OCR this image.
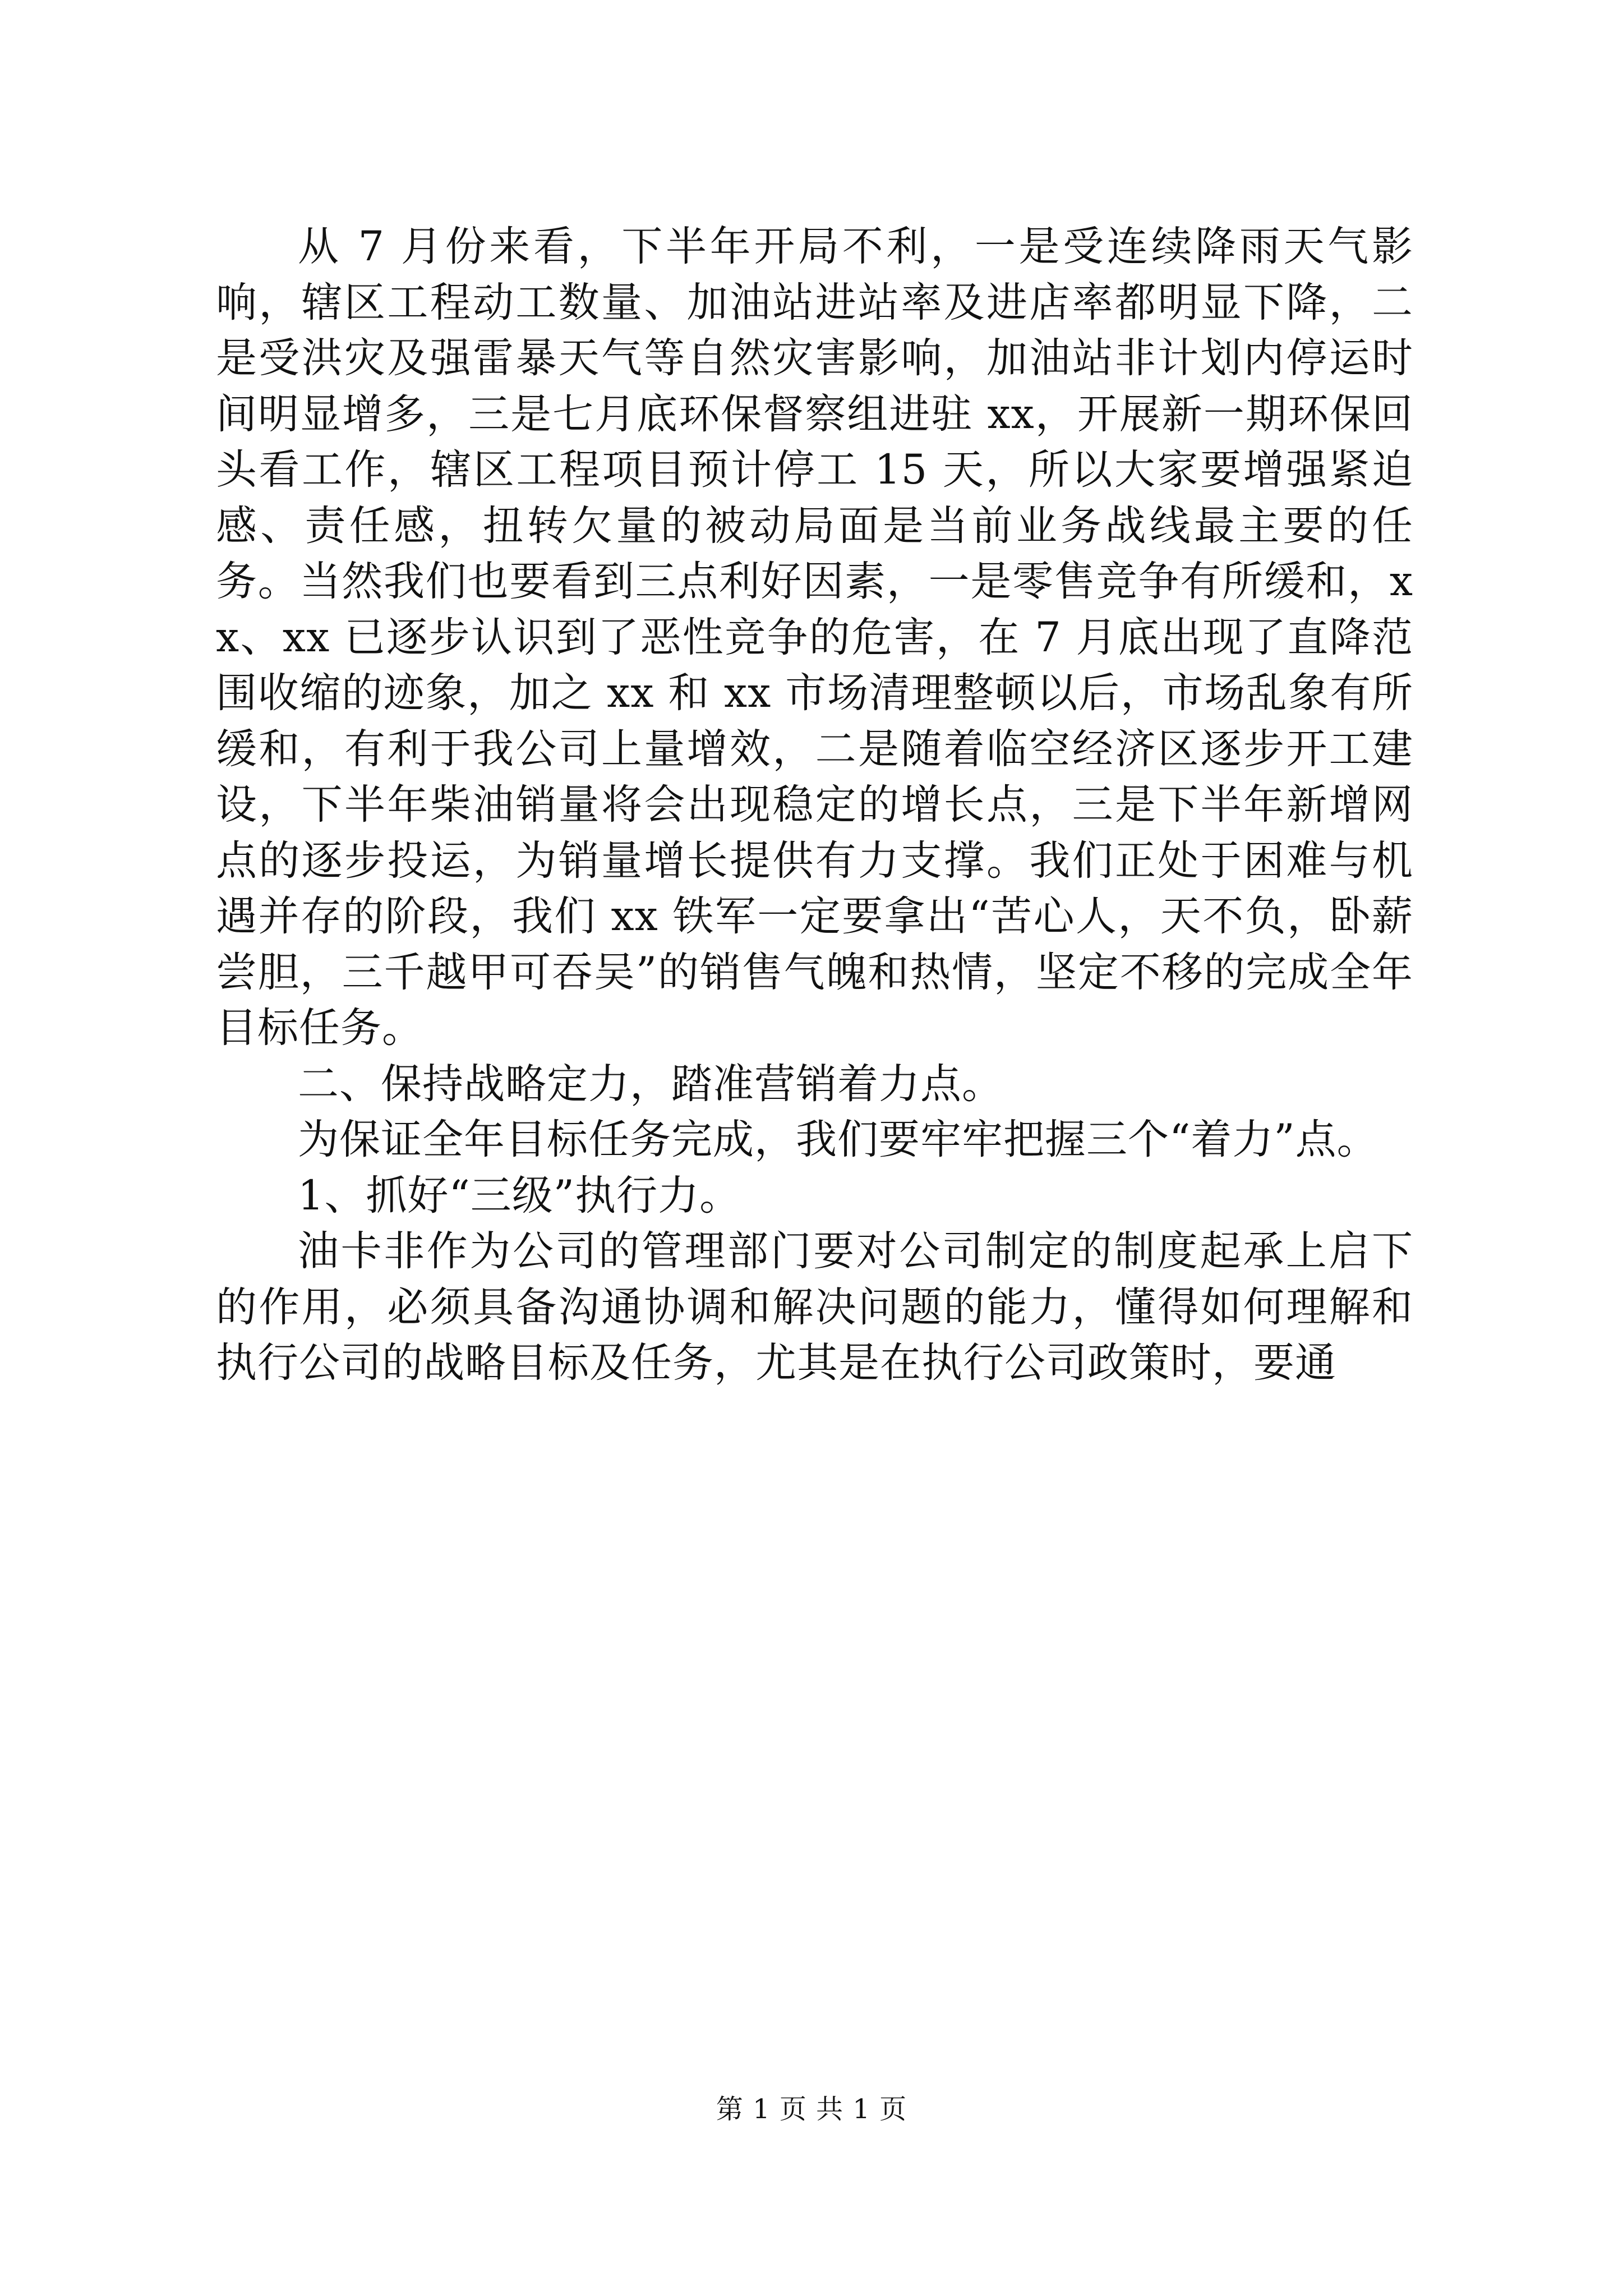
从 7 月份来看，下半年开局不利，一是受连续降雨天气影响，辖区工程动工数量、加油站进站率及进店率都明显下降，二是受洪灾及强雷暴天气等自然灾害影响，加油站非计划内停运时间明显增多，三是七月底环保督察组进驻 xx，开展新一期环保回头看工作，辖区工程项目预计停工 15 天，所以大家要增强紧迫感、责任感，扭转欠量的被动局面是当前业务战线最主要的任务。当然我们也要看到三点利好因素，一是零售竞争有所缓和，xx、xx 已逐步认识到了恶性竞争的危害，在 7 月底出现了直降范围收缩的迹象，加之 xx 和 xx 市场清理整顿以后，市场乱象有所缓和，有利于我公司上量增效，二是随着临空经济区逐步开工建设，下半年柴油销量将会出现稳定的增长点，三是下半年新增网点的逐步投运，为销量增长提供有力支撑。我们正处于困难与机遇并存的阶段，我们 xx 铁军一定要拿出“苦心人，天不负，卧薪尝胆，三千越甲可吞吴”的销售气魄和热情，坚定不移的完成全年目标任务。

二、保持战略定力，踏准营销着力点。

为保证全年目标任务完成，我们要牢牢把握三个“着力”点。

1、抓好“三级”执行力。

油卡非作为公司的管理部门要对公司制定的制度起承上启下的作用，必须具备沟通协调和解决问题的能力，懂得如何理解和执行公司的战略目标及任务，尤其是在执行公司政策时，要通

第 1 页 共 1 页
